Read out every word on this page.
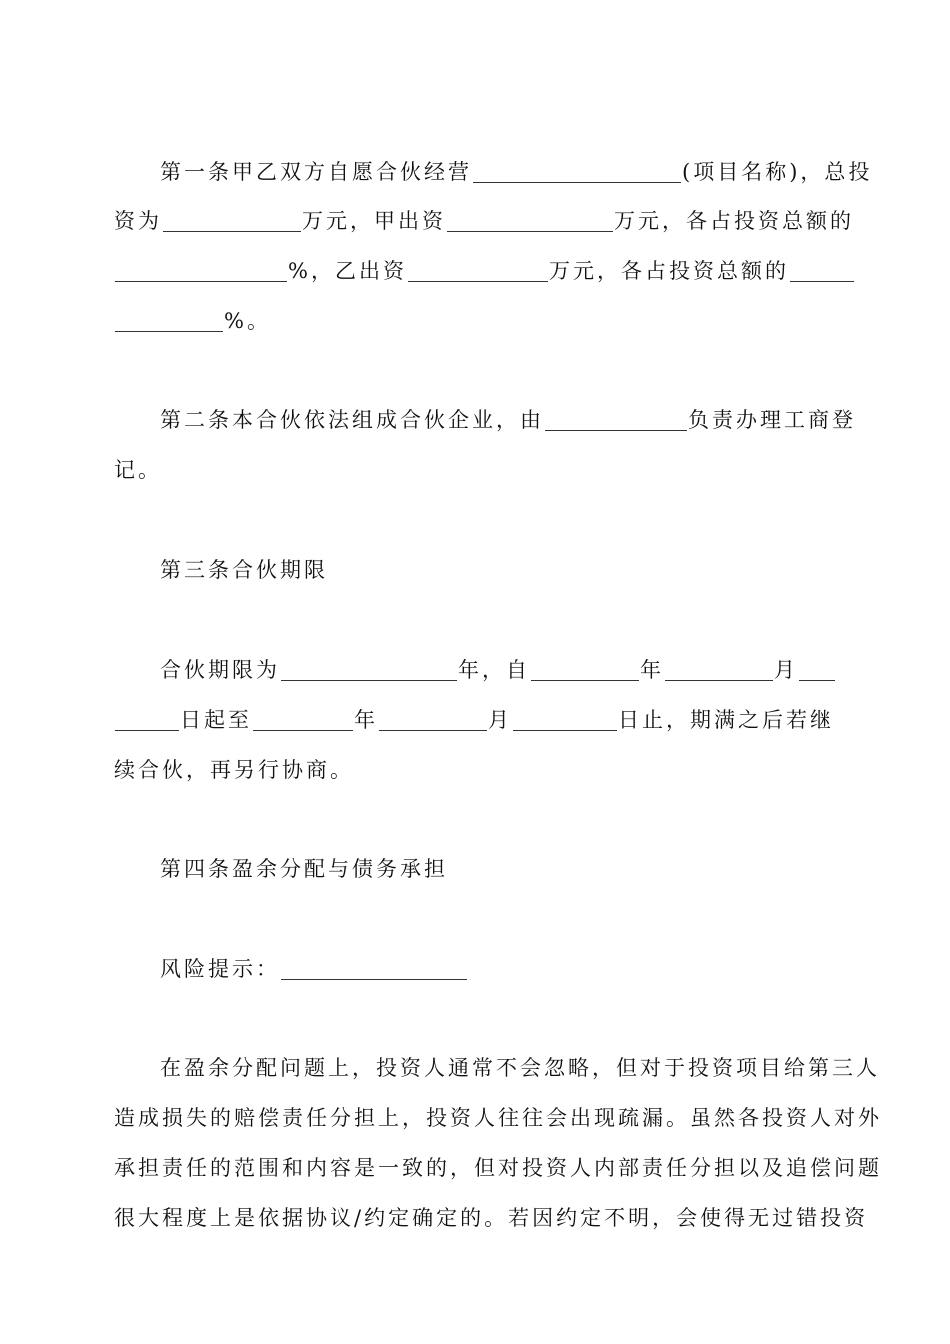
第一条甲乙双方自愿合伙经营	(项目名称)，总投
资为	万元，甲出资	万元，各占投资总额的
%，乙出资	万元，各占投资总额的
%。
第二条本合伙依法组成合伙企业，由	负责办理工商登
记。
第三条合伙期限
合伙期限为	年，自	年	月
日起至	年	月	日止，期满之后若继
续合伙，再另行协商。
第四条盈余分配与债务承担
风险提示：
在盈余分配问题上，投资人通常不会忽略，但对于投资项目给第三人
造成损失的赔偿责任分担上，投资人往往会出现疏漏。虽然各投资人对外
承担责任的范围和内容是一致的，但对投资人内部责任分担以及追偿问题
很大程度上是依据协议/约定确定的。若因约定不明，会使得无过错投资
